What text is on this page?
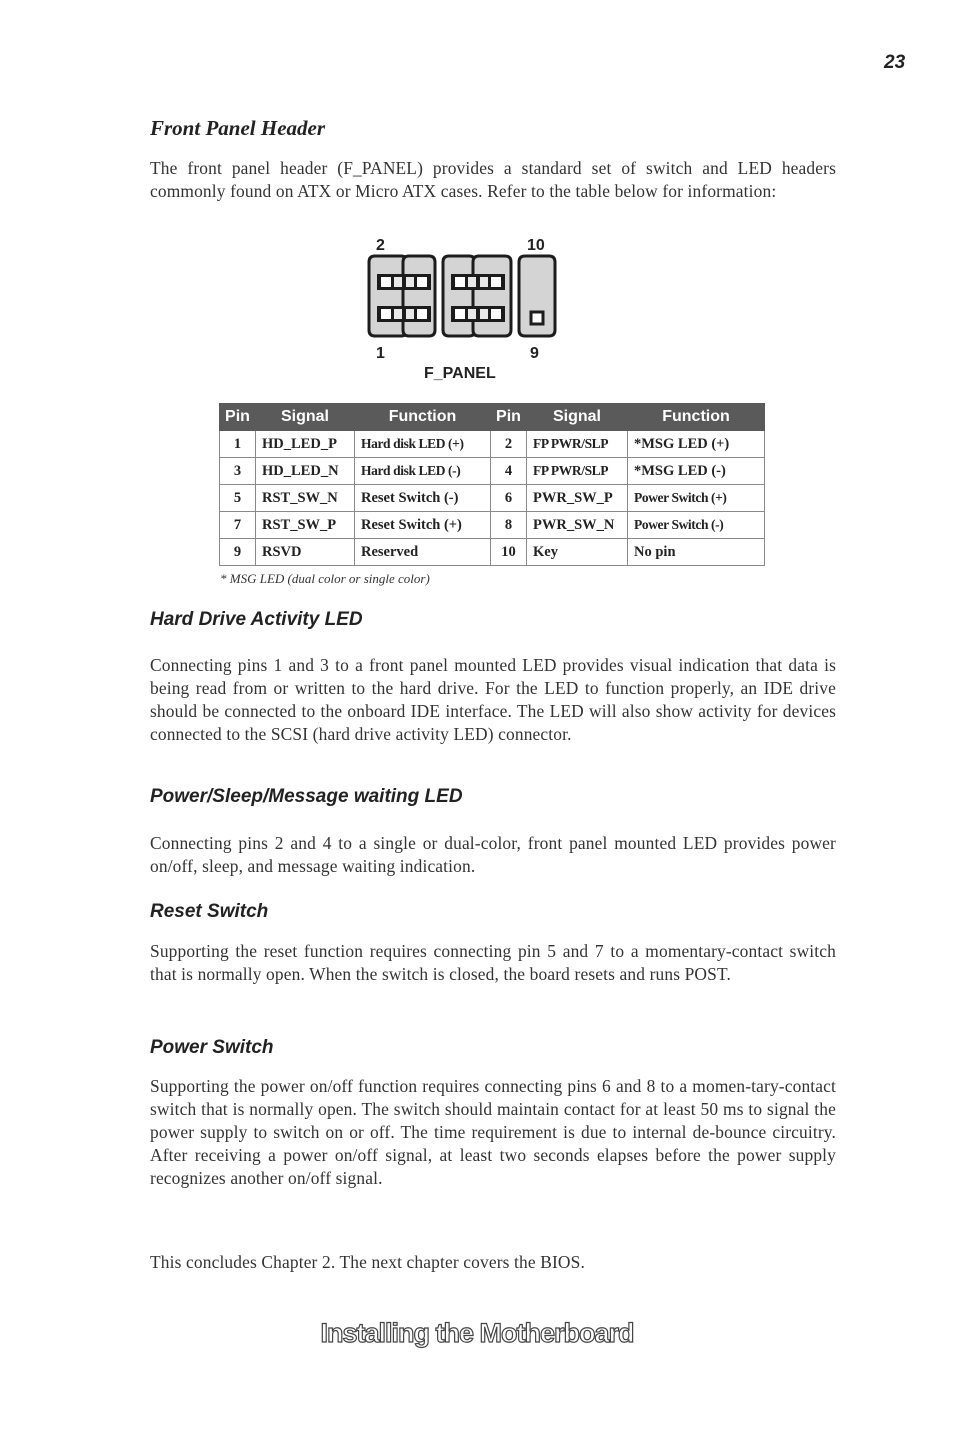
23
Front Panel Header

The front panel header (F_PANEL) provides a standard set of switch and LED headers commonly found on ATX or Micro ATX cases. Refer to the table below for information:

2	10
1	9
F_PANEL
Pin	Signal	Function	Pin	Signal	Function
1	HD_LED_P	Hard disk LED (+)	2	FP PWR/SLP	*MSG LED (+)
3	HD_LED_N	Hard disk LED (-)	4	FP PWR/SLP	*MSG LED (-)
5	RST_SW_N	Reset Switch (-)	6	PWR_SW_P	Power Switch (+)
7	RST_SW_P	Reset Switch (+)	8	PWR_SW_N	Power Switch (-)
9	RSVD	Reserved	10	Key	No pin
* MSG LED (dual color or single color)
Hard Drive Activity LED

Connecting pins 1 and 3 to a front panel mounted LED provides visual indication that data is being read from or written to the hard drive. For the LED to function properly, an IDE drive should be connected to the onboard IDE interface. The LED will also show activity for devices connected to the SCSI (hard drive activity LED) connector.

Power/Sleep/Message waiting LED

Connecting pins 2 and 4 to a single or dual-color, front panel mounted LED provides power on/off, sleep, and message waiting indication.

Reset Switch

Supporting the reset function requires connecting pin 5 and 7 to a momentary-contact switch that is normally open. When the switch is closed, the board resets and runs POST.

Power Switch

Supporting the power on/off function requires connecting pins 6 and 8 to a momen-tary-contact switch that is normally open. The switch should maintain contact for at least 50 ms to signal the power supply to switch on or off. The time requirement is due to internal de-bounce circuitry. After receiving a power on/off signal, at least two seconds elapses before the power supply recognizes another on/off signal.

This concludes Chapter 2. The next chapter covers the BIOS.

Installing the Motherboard
